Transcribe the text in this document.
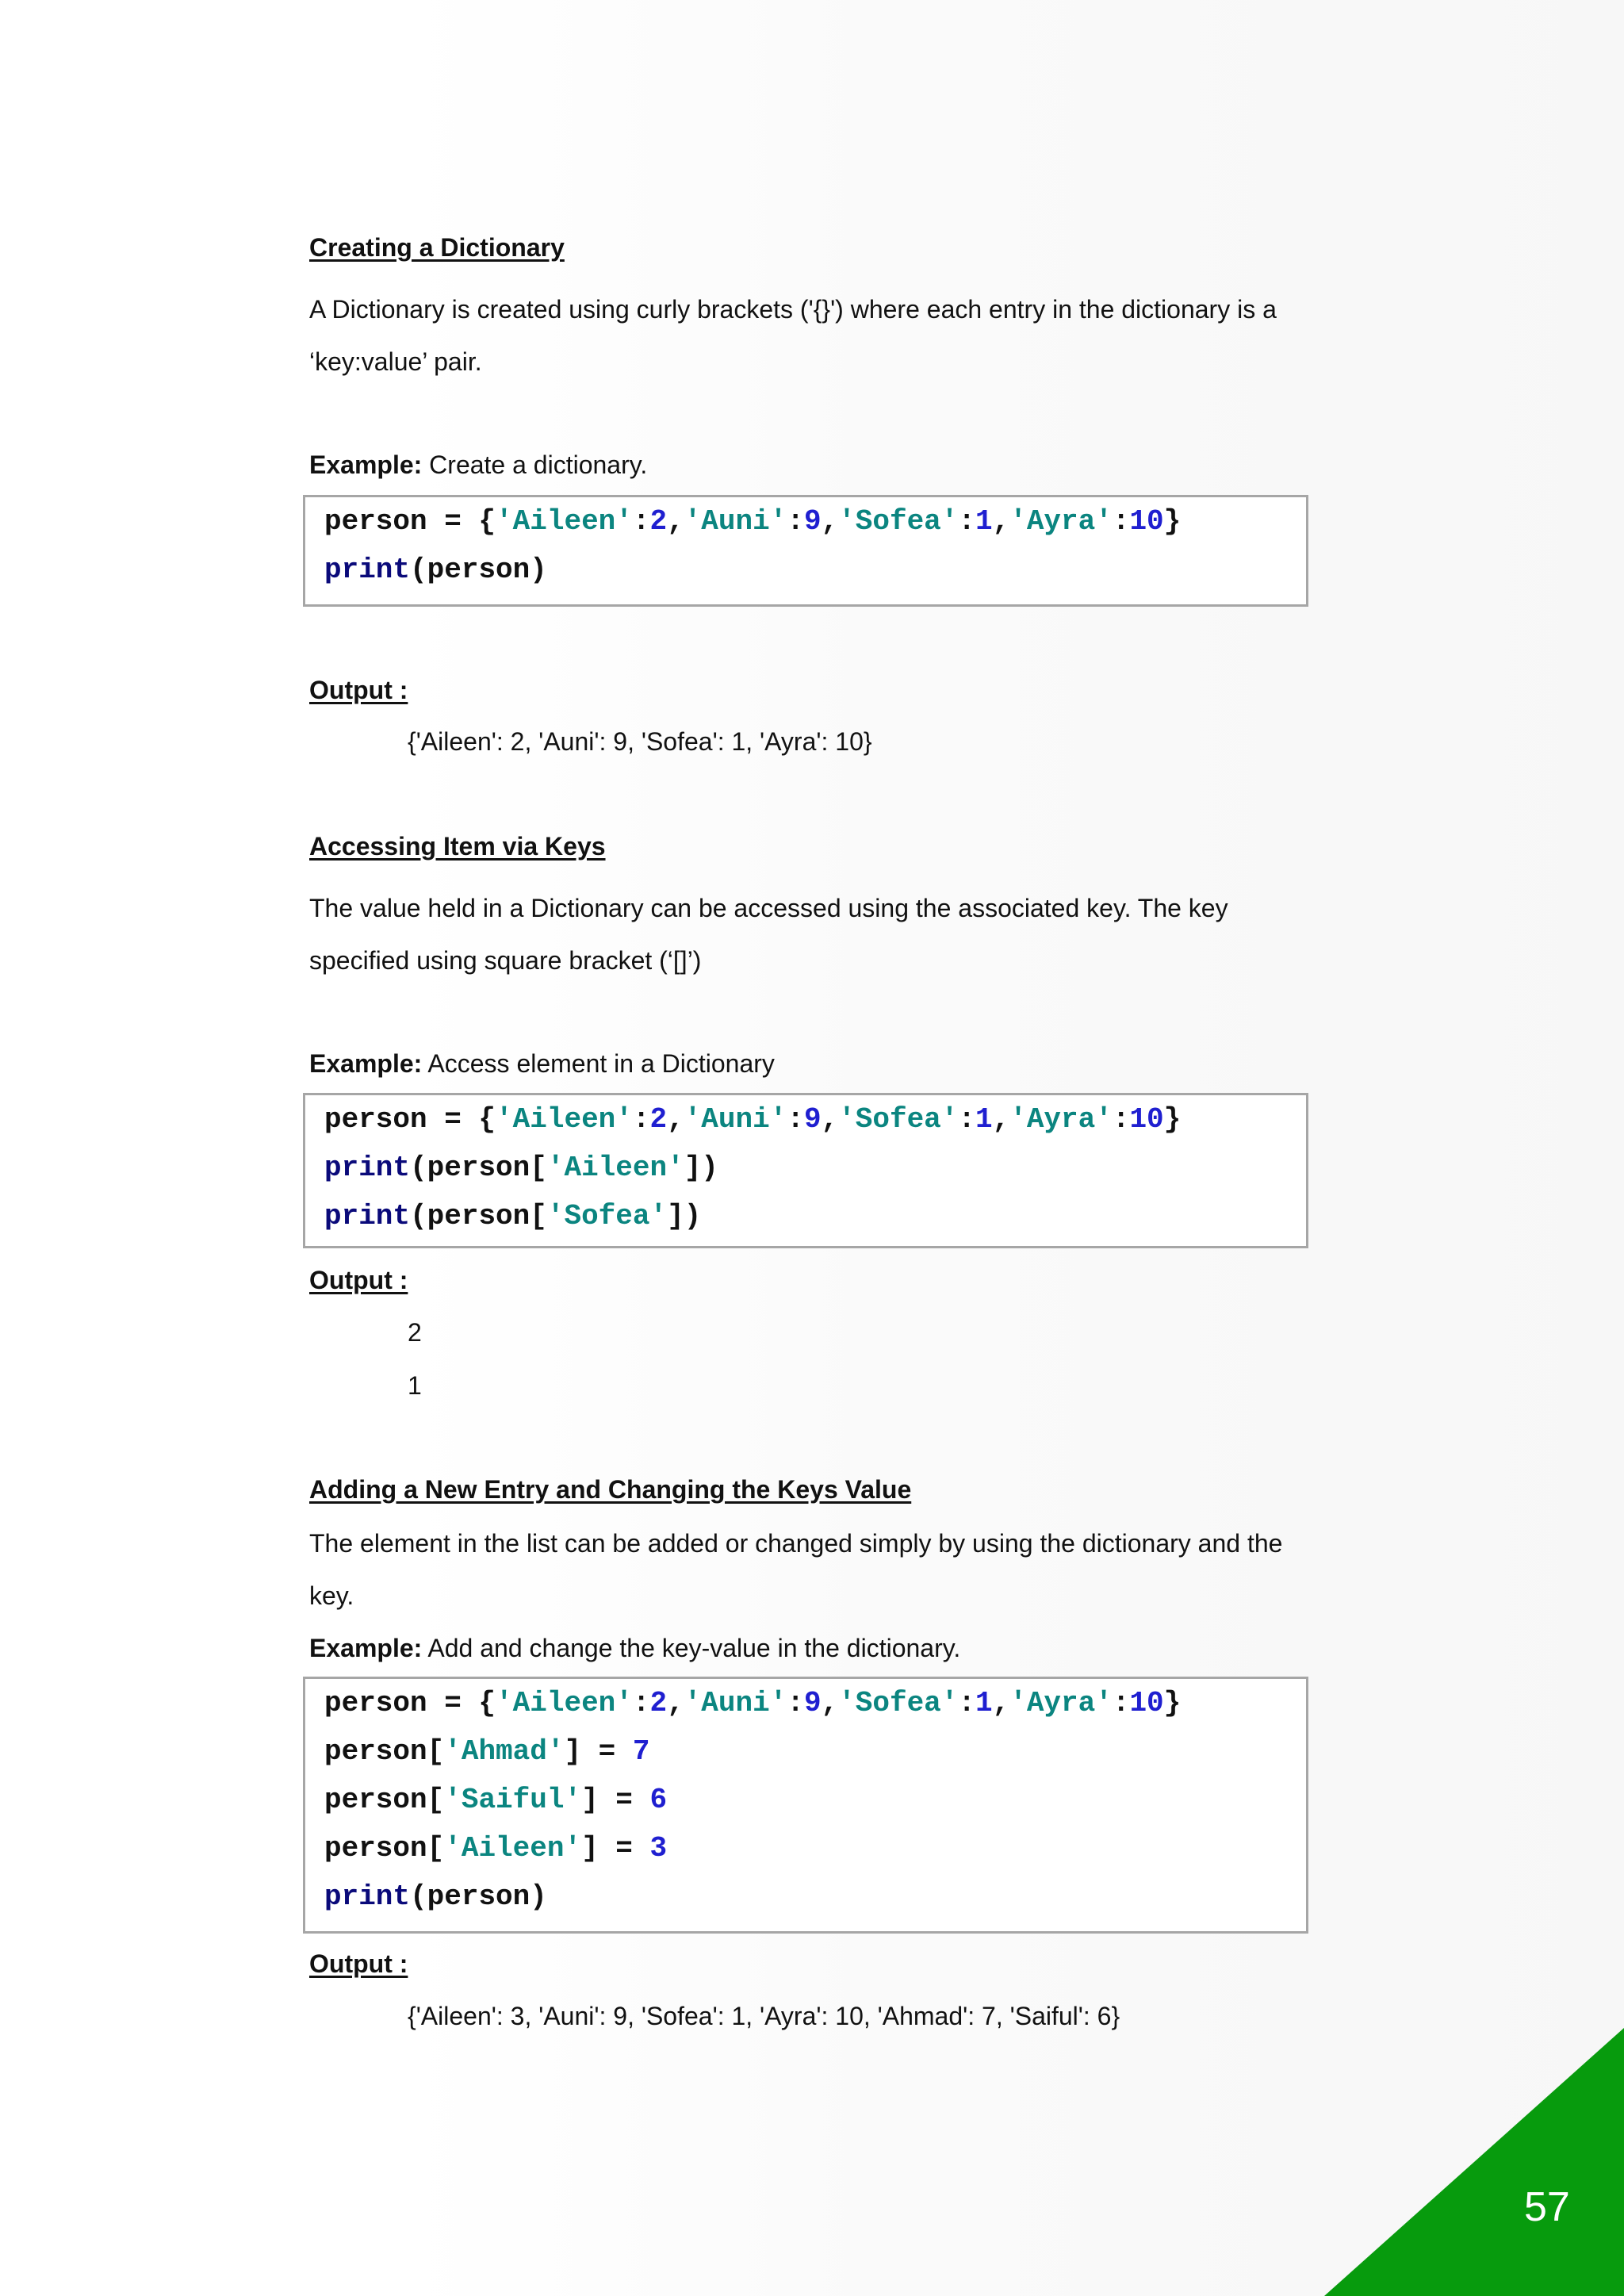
Creating a Dictionary
A Dictionary is created using curly brackets ('{}') where each entry in the dictionary is a ‘key:value’ pair.
Example: Create a dictionary.
person = {'Aileen':2,'Auni':9,'Sofea':1,'Ayra':10}
print(person)
Output :
{'Aileen': 2, 'Auni': 9, 'Sofea': 1, 'Ayra': 10}
Accessing Item via Keys
The value held in a Dictionary can be accessed using the associated key. The key specified using square bracket (‘[]’)
Example: Access element in a Dictionary
person = {'Aileen':2,'Auni':9,'Sofea':1,'Ayra':10}
print(person['Aileen'])
print(person['Sofea'])
Output :
2
1
Adding a New Entry and Changing the Keys Value
The element in the list can be added or changed simply by using the dictionary and the key.
Example: Add and change the key-value in the dictionary.
person = {'Aileen':2,'Auni':9,'Sofea':1,'Ayra':10}
person['Ahmad'] = 7
person['Saiful'] = 6
person['Aileen'] = 3
print(person)
Output :
{'Aileen': 3, 'Auni': 9, 'Sofea': 1, 'Ayra': 10, 'Ahmad': 7, 'Saiful': 6}
57
